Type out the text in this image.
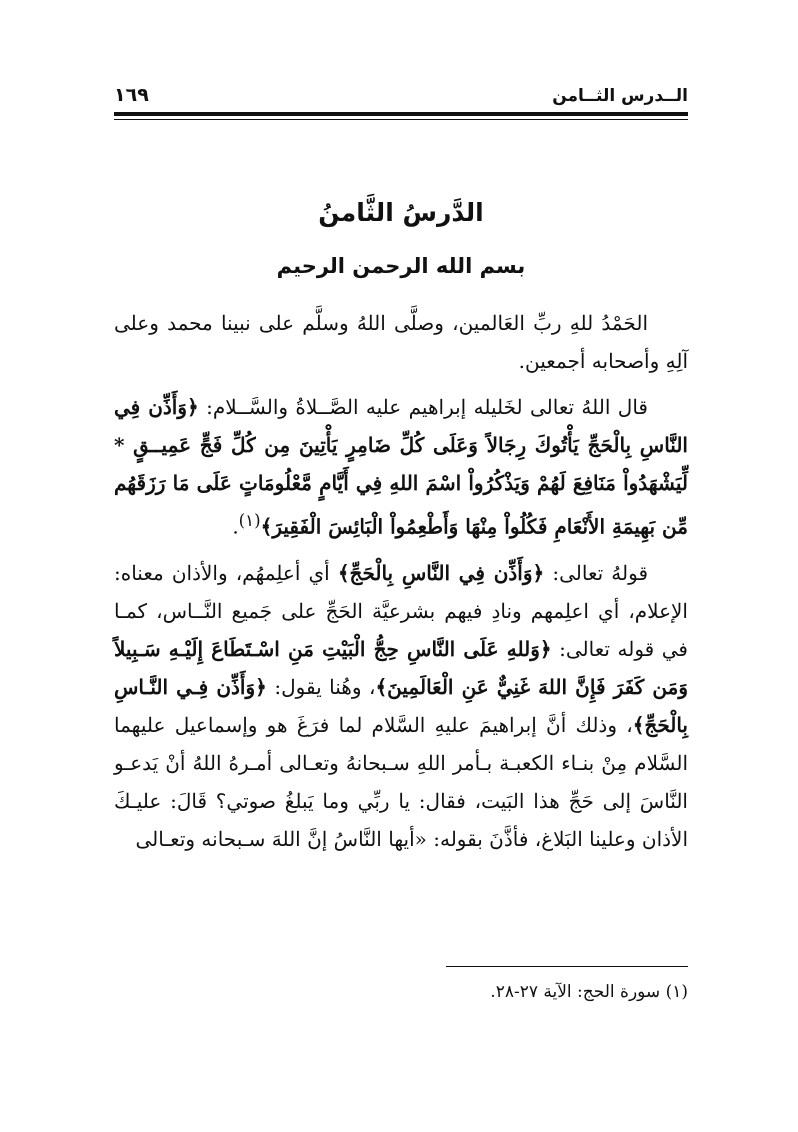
الــدرس الثــامن
١٦٩
الدَّرسُ الثَّامنُ
بسم الله الرحمن الرحيم

الحَمْدُ للهِ ربِّ العَالمين، وصلَّى اللهُ وسلَّم على نبينا محمد وعلى آلِهِ وأصحابه أجمعين.

قال اللهُ تعالى لخَليله إبراهيم عليه الصَّــلاةُ والسَّــلام: ﴿وَأَذِّن فِي النَّاسِ بِالْحَجِّ يَأْتُوكَ رِجَالاً وَعَلَى كُلِّ ضَامِرٍ يَأْتِينَ مِن كُلِّ فَجٍّ عَمِيــقٍ * لِّيَشْهَدُواْ مَنَافِعَ لَهُمْ وَيَذْكُرُواْ اسْمَ اللهِ فِي أَيَّامٍ مَّعْلُومَاتٍ عَلَى مَا رَزَقَهُم مِّن بَهِيمَةِ الأَنْعَامِ فَكُلُواْ مِنْهَا وَأَطْعِمُواْ الْبَائِسَ الْفَقِيرَ﴾$^{(١)}$.

قولهُ تعالى: ﴿وَأَذِّن فِي النَّاسِ بِالْحَجِّ﴾ أي أعلِمهُم، والأذان معناه: الإعلام، أي اعلِمهم ونادِ فيهم بشرعيَّة الحَجِّ على جَميع النَّــاس، كمـا في قوله تعالى: ﴿وَللهِ عَلَى النَّاسِ حِجُّ الْبَيْتِ مَنِ اسْـتَطَاعَ إِلَيْـهِ سَـبِيلاً وَمَن كَفَرَ فَإِنَّ اللهَ غَنِيٌّ عَنِ الْعَالَمِينَ﴾، وهُنا يقول: ﴿وَأَذِّن فِـي النَّـاسِ بِالْحَجِّ﴾، وذلك أنَّ إبراهيمَ عليهِ السَّلام لما فرَغَ هو وإسماعيل عليهما السَّلام مِنْ بنـاء الكعبـة بـأمر اللهِ سـبحانهُ وتعـالى أمـرهُ اللهُ أنْ يَدعـو النَّاسَ إلى حَجِّ هذا البَيت، فقال: يا ربِّي وما يَبلغُ صوتي؟ قَالَ: عليـكَ الأذان وعلينا البَلاغ، فأذَّنَ بقوله: «أيها النَّاسُ إنَّ اللهَ سـبحانه وتعـالى

(١) سورة الحج: الآية ٢٧-٢٨.
